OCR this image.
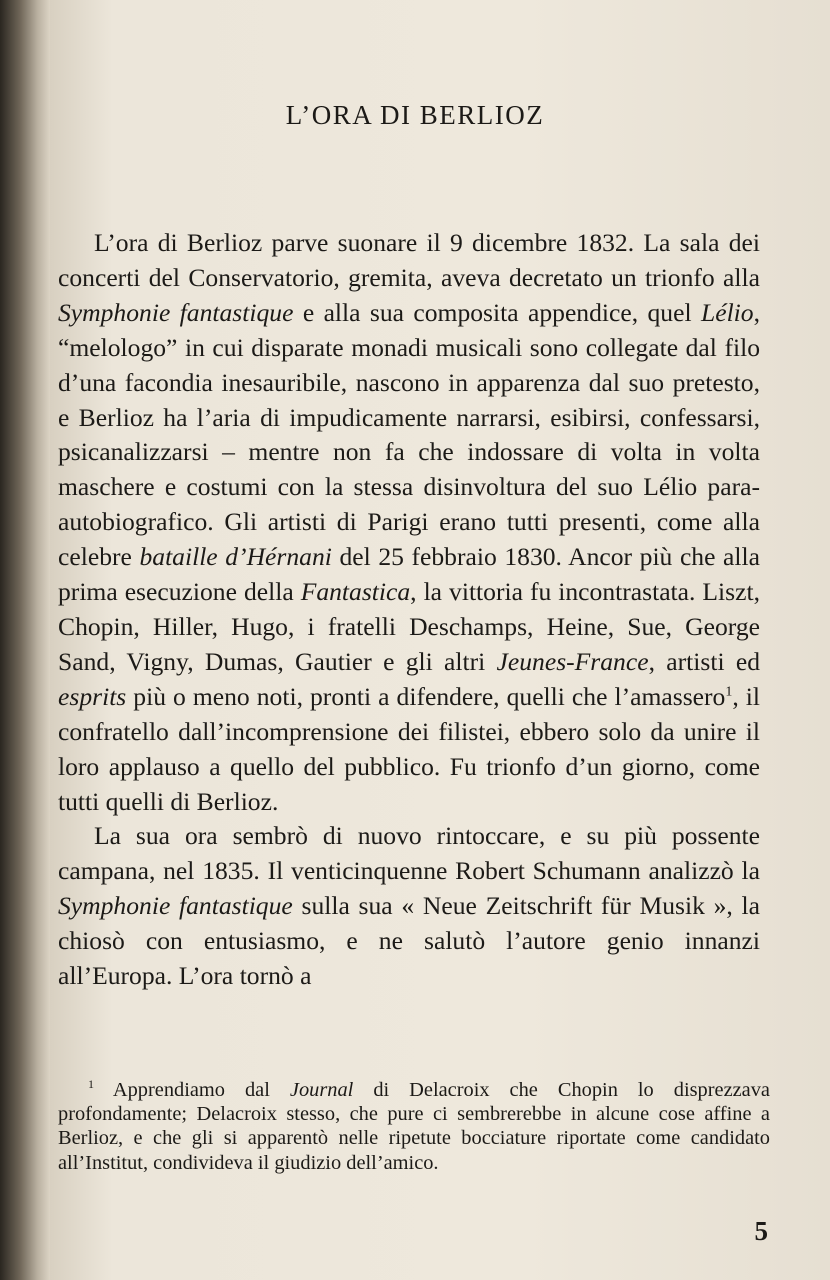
L’ORA DI BERLIOZ

L’ora di Berlioz parve suonare il 9 dicembre 1832. La sala dei concerti del Conservatorio, gremita, aveva decretato un trionfo alla Symphonie fantastique e alla sua composita appendice, quel Lélio, “melologo” in cui disparate monadi musicali sono collegate dal filo d’una facondia inesauribile, nascono in apparenza dal suo pretesto, e Berlioz ha l’aria di impudicamente narrarsi, esibirsi, confessarsi, psicanalizzarsi – mentre non fa che indossare di volta in volta maschere e costumi con la stessa disinvoltura del suo Lélio para-autobiografico. Gli artisti di Parigi erano tutti presenti, come alla celebre bataille d’Hérnani del 25 febbraio 1830. Ancor più che alla prima esecuzione della Fantastica, la vittoria fu incontrastata. Liszt, Chopin, Hiller, Hugo, i fratelli Deschamps, Heine, Sue, George Sand, Vigny, Dumas, Gautier e gli altri Jeunes-France, artisti ed esprits più o meno noti, pronti a difendere, quelli che l’amassero$^1$, il confratello dall’incomprensione dei filistei, ebbero solo da unire il loro applauso a quello del pubblico. Fu trionfo d’un giorno, come tutti quelli di Berlioz.

La sua ora sembrò di nuovo rintoccare, e su più possente campana, nel 1835. Il venticinquenne Robert Schumann analizzò la Symphonie fantastique sulla sua « Neue Zeitschrift für Musik », la chiosò con entusiasmo, e ne salutò l’autore genio innanzi all’Europa. L’ora tornò a

$^1$ Apprendiamo dal Journal di Delacroix che Chopin lo disprezzava profondamente; Delacroix stesso, che pure ci sembrerebbe in alcune cose affine a Berlioz, e che gli si apparentò nelle ripetute bocciature riportate come candidato all’Institut, condivideva il giudizio dell’amico.

5
